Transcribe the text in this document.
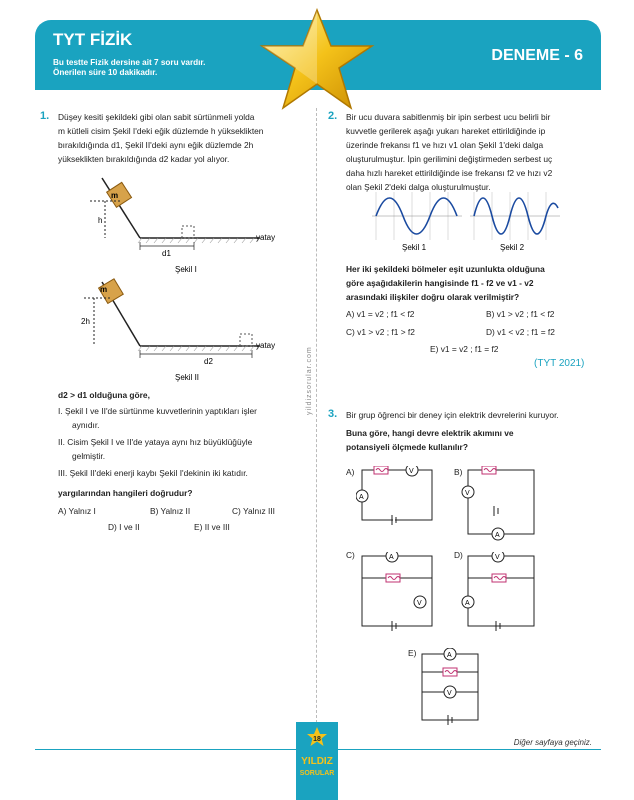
TYT FİZİK
Bu testte Fizik dersine ait 7 soru vardır.
Önerilen süre 10 dakikadır.
DENEME - 6
yildizsorular.com
1. Düşey kesiti şekildeki gibi olan sabit sürtünmeli yolda
m kütleli cisim Şekil I'deki eğik düzlemde h yükseklikten
bırakıldığında d1, Şekil II'deki aynı eğik düzlemde 2h
yükseklikten bırakıldığında d2 kadar yol alıyor.
m
h
d1
yatay
Şekil I
m
2h
d2
yatay
Şekil II
d2 > d1 olduğuna göre,
I. Şekil I ve II'de sürtünme kuvvetlerinin yaptıkları işler
aynıdır.
II. Cisim Şekil I ve II'de yataya aynı hız büyüklüğüyle
gelmiştir.
III. Şekil II'deki enerji kaybı Şekil I'dekinin iki katıdır.
yargılarından hangileri doğrudur?
A) Yalnız I	B) Yalnız II	C) Yalnız III
D) I ve II	E) II ve III
2. Bir ucu duvara sabitlenmiş bir ipin serbest ucu belirli bir
kuvvetle gerilerek aşağı yukarı hareket ettirildiğinde ip
üzerinde frekansı f1 ve hızı v1 olan Şekil 1'deki dalga
oluşturulmuştur. İpin gerilimini değiştirmeden serbest uç
daha hızlı hareket ettirildiğinde ise frekansı f2 ve hızı v2
olan Şekil 2'deki dalga oluşturulmuştur.
Şekil 1	Şekil 2
Her iki şekildeki bölmeler eşit uzunlukta olduğuna
göre aşağıdakilerin hangisinde f1 - f2 ve v1 - v2
arasındaki ilişkiler doğru olarak verilmiştir?
A) v1 = v2 ; f1 < f2	B) v1 > v2 ; f1 < f2
C) v1 > v2 ; f1 > f2	D) v1 < v2 ; f1 = f2
E) v1 = v2 ; f1 = f2
(TYT 2021)
3. Bir grup öğrenci bir deney için elektrik devrelerini kuruyor.
Buna göre, hangi devre elektrik akımını ve
potansiyeli ölçmede kullanılır?
A)	V
A
B)
V
A
C)	A
V
D)	V
A
E)	A
V
Diğer sayfaya geçiniz.
18
YILDIZ
SORULAR
